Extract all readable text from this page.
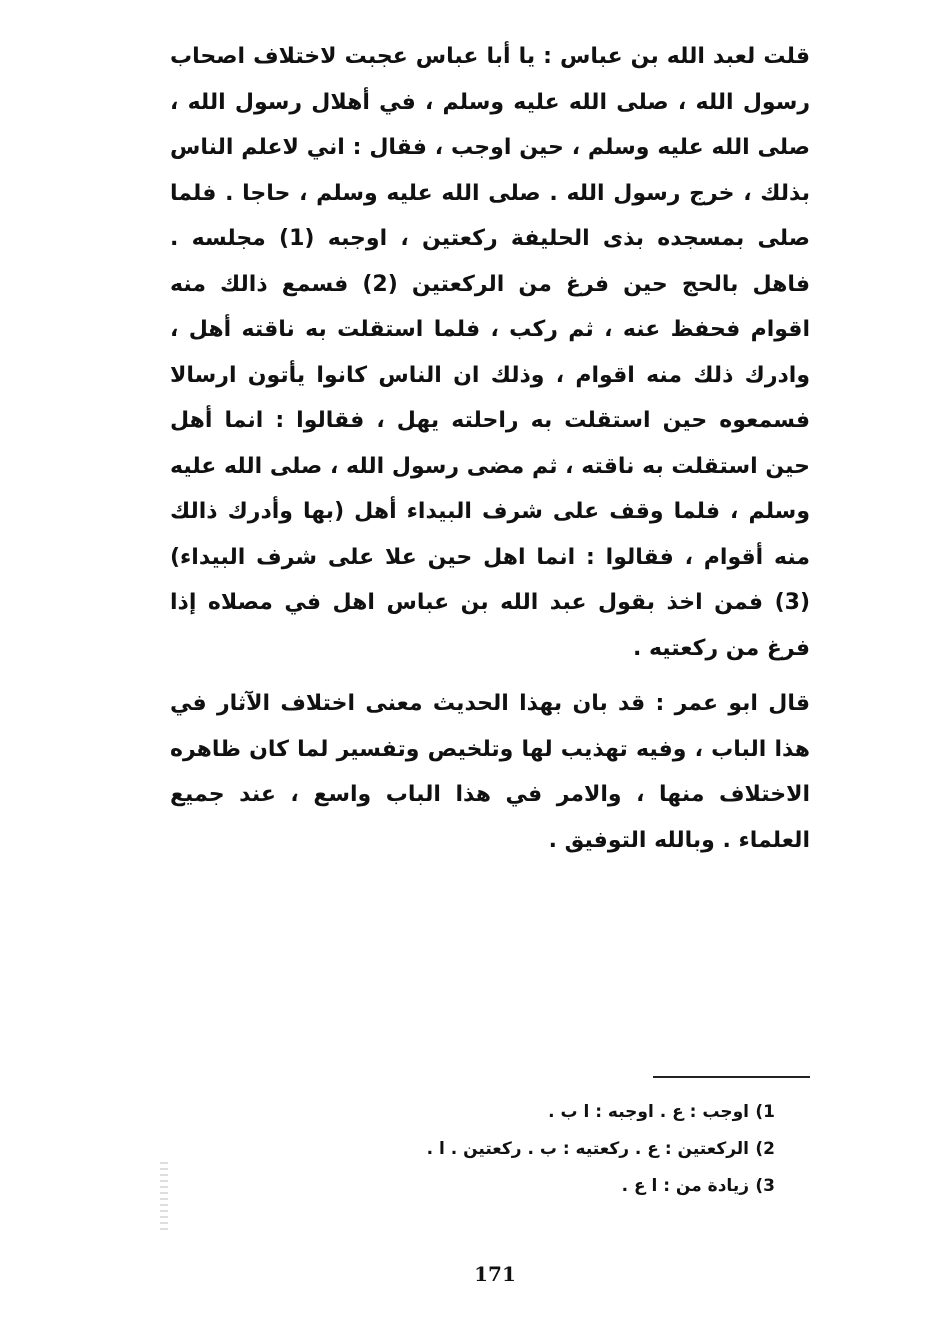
قلت لعبد الله بن عباس : يا أبا عباس عجبت لاختلاف اصحاب رسول الله ، صلى الله عليه وسلم ، في أهلال رسول الله ، صلى الله عليه وسلم ، حين اوجب ، فقال : اني لاعلم الناس بذلك ، خرج رسول الله . صلى الله عليه وسلم ، حاجا . فلما صلى بمسجده بذى الحليفة ركعتين ، اوجبه (1) مجلسه . فاهل بالحج حين فرغ من الركعتين (2) فسمع ذالك منه اقوام فحفظ عنه ، ثم ركب ، فلما استقلت به ناقته أهل ، وادرك ذلك منه اقوام ، وذلك ان الناس كانوا يأتون ارسالا فسمعوه حين استقلت به راحلته يهل ، فقالوا : انما أهل حين استقلت به ناقته ، ثم مضى رسول الله ، صلى الله عليه وسلم ، فلما وقف على شرف البيداء أهل (بها وأدرك ذالك منه أقوام ، فقالوا : انما اهل حين علا على شرف البيداء) (3) فمن اخذ بقول عبد الله بن عباس اهل في مصلاه إذا فرغ من ركعتيه .

قال ابو عمر : قد بان بهذا الحديث معنى اختلاف الآثار في هذا الباب ، وفيه تهذيب لها وتلخيص وتفسير لما كان ظاهره الاختلاف منها ، والامر في هذا الباب واسع ، عند جميع العلماء . وبالله التوفيق .

1)
اوجب : ع . اوجبه : ا ب .
2)
الركعتين : ع . ركعتيه : ب . ركعتين . ا .
3)
زيادة من : ا ع .
171
